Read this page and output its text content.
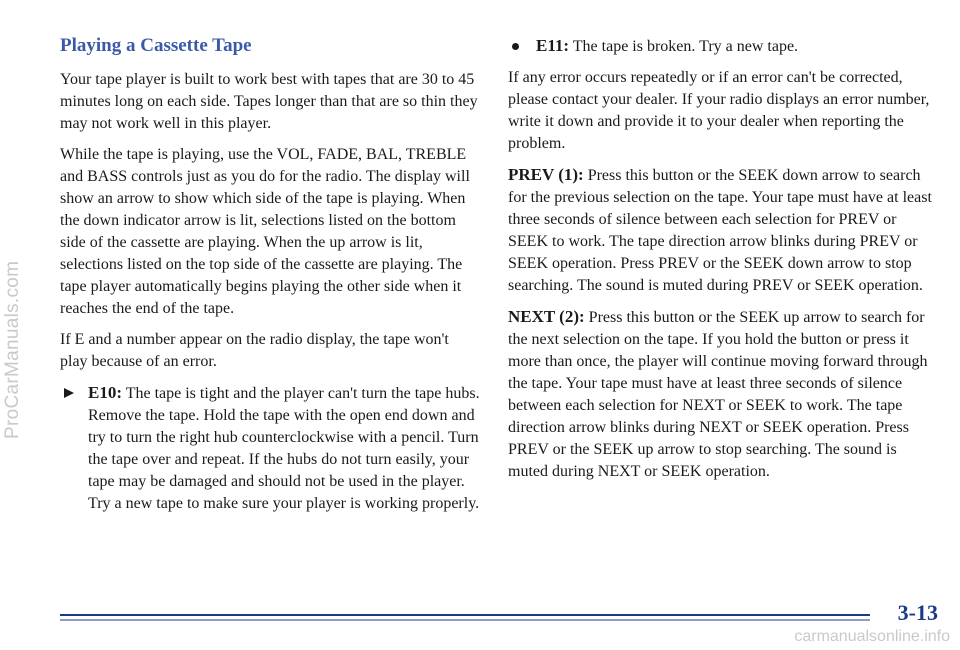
ProCarManuals.com
Playing a Cassette Tape

Your tape player is built to work best with tapes that are 30 to 45 minutes long on each side. Tapes longer than that are so thin they may not work well in this player.

While the tape is playing, use the VOL, FADE, BAL, TREBLE and BASS controls just as you do for the radio. The display will show an arrow to show which side of the tape is playing. When the down indicator arrow is lit, selections listed on the bottom side of the cassette are playing. When the up arrow is lit, selections listed on the top side of the cassette are playing. The tape player automatically begins playing the other side when it reaches the end of the tape.

If E and a number appear on the radio display, the tape won't play because of an error.

E10: The tape is tight and the player can't turn the tape hubs. Remove the tape. Hold the tape with the open end down and try to turn the right hub counterclockwise with a pencil. Turn the tape over and repeat. If the hubs do not turn easily, your tape may be damaged and should not be used in the player. Try a new tape to make sure your player is working properly.
E11: The tape is broken. Try a new tape.

If any error occurs repeatedly or if an error can't be corrected, please contact your dealer. If your radio displays an error number, write it down and provide it to your dealer when reporting the problem.

PREV (1): Press this button or the SEEK down arrow to search for the previous selection on the tape. Your tape must have at least three seconds of silence between each selection for PREV or SEEK to work. The tape direction arrow blinks during PREV or SEEK operation. Press PREV or the SEEK down arrow to stop searching. The sound is muted during PREV or SEEK operation.

NEXT (2): Press this button or the SEEK up arrow to search for the next selection on the tape. If you hold the button or press it more than once, the player will continue moving forward through the tape. Your tape must have at least three seconds of silence between each selection for NEXT or SEEK to work. The tape direction arrow blinks during NEXT or SEEK operation. Press PREV or the SEEK up arrow to stop searching. The sound is muted during NEXT or SEEK operation.

3-13
carmanualsonline.info
